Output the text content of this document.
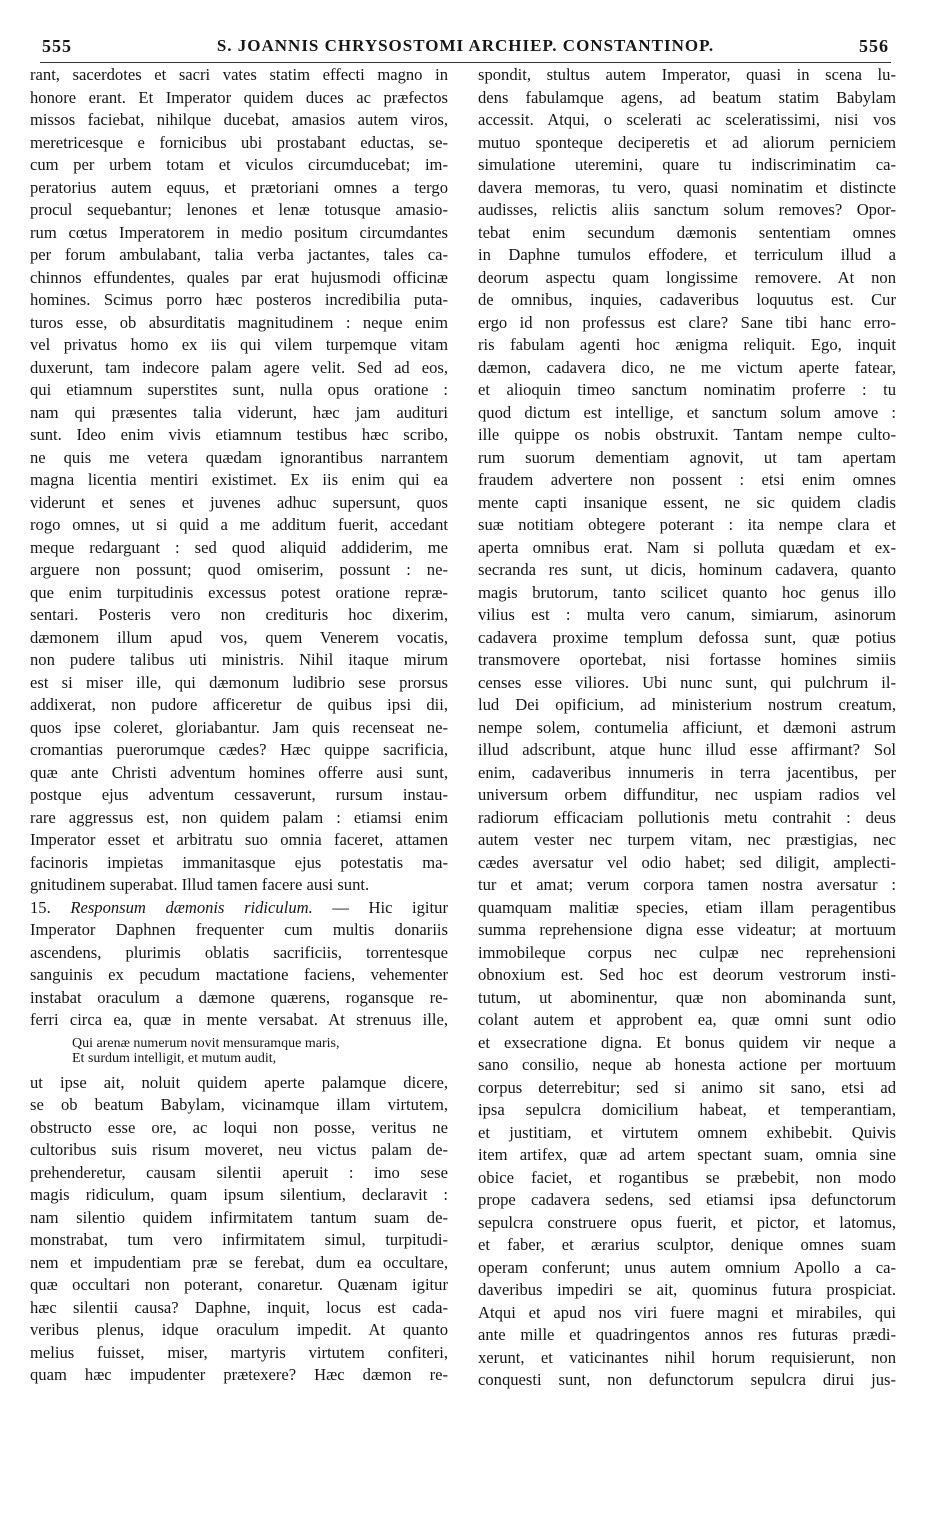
555	S. JOANNIS CHRYSOSTOMI ARCHIEP. CONSTANTINOP.	556
rant, sacerdotes et sacri vates statim effecti magno in
honore erant. Et Imperator quidem duces ac præfectos
missos faciebat, nihilque ducebat, amasios autem viros,
meretricesque e fornicibus ubi prostabant eductas, se-
cum per urbem totam et viculos circumducebat; im-
peratorius autem equus, et prætoriani omnes a tergo
procul sequebantur; lenones et lenæ totusque amasio-
rum cœtus Imperatorem in medio positum circumdantes
per forum ambulabant, talia verba jactantes, tales ca-
chinnos effundentes, quales par erat hujusmodi officinæ
homines. Scimus porro hæc posteros incredibilia puta-
turos esse, ob absurditatis magnitudinem : neque enim
vel privatus homo ex iis qui vilem turpemque vitam
duxerunt, tam indecore palam agere velit. Sed ad eos,
qui etiamnum superstites sunt, nulla opus oratione :
nam qui præsentes talia viderunt, hæc jam audituri
sunt. Ideo enim vivis etiamnum testibus hæc scribo,
ne quis me vetera quædam ignorantibus narrantem
magna licentia mentiri existimet. Ex iis enim qui ea
viderunt et senes et juvenes adhuc supersunt, quos
rogo omnes, ut si quid a me additum fuerit, accedant
meque redarguant : sed quod aliquid addiderim, me
arguere non possunt; quod omiserim, possunt : ne-
que enim turpitudinis excessus potest oratione repræ-
sentari. Posteris vero non credituris hoc dixerim,
dæmonem illum apud vos, quem Venerem vocatis,
non pudere talibus uti ministris. Nihil itaque mirum
est si miser ille, qui dæmonum ludibrio sese prorsus
addixerat, non pudore afficeretur de quibus ipsi dii,
quos ipse coleret, gloriabantur. Jam quis recenseat ne-
cromantias puerorumque cædes? Hæc quippe sacrificia,
quæ ante Christi adventum homines offerre ausi sunt,
postque ejus adventum cessaverunt, rursum instau-
rare aggressus est, non quidem palam : etiamsi enim
Imperator esset et arbitratu suo omnia faceret, attamen
facinoris impietas immanitasque ejus potestatis ma-
gnitudinem superabat. Illud tamen facere ausi sunt.
15. Responsum dæmonis ridiculum. — Hic igitur
Imperator Daphnen frequenter cum multis donariis
ascendens, plurimis oblatis sacrificiis, torrentesque
sanguinis ex pecudum mactatione faciens, vehementer
instabat oraculum a dæmone quærens, rogansque re-
ferri circa ea, quæ in mente versabat. At strenuus ille,
Qui arenæ numerum novit mensuramque maris,
Et surdum intelligit, et mutum audit,
ut ipse ait, noluit quidem aperte palamque dicere,
se ob beatum Babylam, vicinamque illam virtutem,
obstructo esse ore, ac loqui non posse, veritus ne
cultoribus suis risum moveret, neu victus palam de-
prehenderetur, causam silentii aperuit : imo sese
magis ridiculum, quam ipsum silentium, declaravit :
nam silentio quidem infirmitatem tantum suam de-
monstrabat, tum vero infirmitatem simul, turpitudi-
nem et impudentiam præ se ferebat, dum ea occultare,
quæ occultari non poterant, conaretur. Quænam igitur
hæc silentii causa? Daphne, inquit, locus est cada-
veribus plenus, idque oraculum impedit. At quanto
melius fuisset, miser, martyris virtutem confiteri,
quam hæc impudenter prætexere? Hæc dæmon re-
spondit, stultus autem Imperator, quasi in scena lu-
dens fabulamque agens, ad beatum statim Babylam
accessit. Atqui, o scelerati ac sceleratissimi, nisi vos
mutuo sponteque deciperetis et ad aliorum perniciem
simulatione uteremini, quare tu indiscriminatim ca-
davera memoras, tu vero, quasi nominatim et distincte
audisses, relictis aliis sanctum solum removes? Opor-
tebat enim secundum dæmonis sententiam omnes
in Daphne tumulos effodere, et terriculum illud a
deorum aspectu quam longissime removere. At non
de omnibus, inquies, cadaveribus loquutus est. Cur
ergo id non professus est clare? Sane tibi hanc erro-
ris fabulam agenti hoc ænigma reliquit. Ego, inquit
dæmon, cadavera dico, ne me victum aperte fatear,
et alioquin timeo sanctum nominatim proferre : tu
quod dictum est intellige, et sanctum solum amove :
ille quippe os nobis obstruxit. Tantam nempe culto-
rum suorum dementiam agnovit, ut tam apertam
fraudem advertere non possent : etsi enim omnes
mente capti insanique essent, ne sic quidem cladis
suæ notitiam obtegere poterant : ita nempe clara et
aperta omnibus erat. Nam si polluta quædam et ex-
secranda res sunt, ut dicis, hominum cadavera, quanto
magis brutorum, tanto scilicet quanto hoc genus illo
vilius est : multa vero canum, simiarum, asinorum
cadavera proxime templum defossa sunt, quæ potius
transmovere oportebat, nisi fortasse homines simiis
censes esse viliores. Ubi nunc sunt, qui pulchrum il-
lud Dei opificium, ad ministerium nostrum creatum,
nempe solem, contumelia afficiunt, et dæmoni astrum
illud adscribunt, atque hunc illud esse affirmant? Sol
enim, cadaveribus innumeris in terra jacentibus, per
universum orbem diffunditur, nec uspiam radios vel
radiorum efficaciam pollutionis metu contrahit : deus
autem vester nec turpem vitam, nec præstigias, nec
cædes aversatur vel odio habet; sed diligit, amplecti-
tur et amat; verum corpora tamen nostra aversatur :
quamquam malitiæ species, etiam illam peragentibus
summa reprehensione digna esse videatur; at mortuum
immobileque corpus nec culpæ nec reprehensioni
obnoxium est. Sed hoc est deorum vestrorum insti-
tutum, ut abominentur, quæ non abominanda sunt,
colant autem et approbent ea, quæ omni sunt odio
et exsecratione digna. Et bonus quidem vir neque a
sano consilio, neque ab honesta actione per mortuum
corpus deterrebitur; sed si animo sit sano, etsi ad
ipsa sepulcra domicilium habeat, et temperantiam,
et justitiam, et virtutem omnem exhibebit. Quivis
item artifex, quæ ad artem spectant suam, omnia sine
obice faciet, et rogantibus se præbebit, non modo
prope cadavera sedens, sed etiamsi ipsa defunctorum
sepulcra construere opus fuerit, et pictor, et latomus,
et faber, et ærarius sculptor, denique omnes suam
operam conferunt; unus autem omnium Apollo a ca-
daveribus impediri se ait, quominus futura prospiciat.
Atqui et apud nos viri fuere magni et mirabiles, qui
ante mille et quadringentos annos res futuras prædi-
xerunt, et vaticinantes nihil horum requisierunt, non
conquesti sunt, non defunctorum sepulcra dirui jus-
